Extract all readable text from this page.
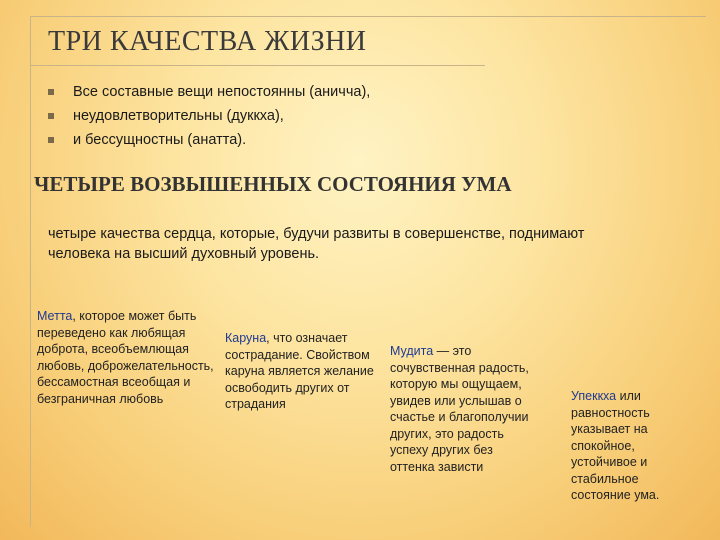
ТРИ КАЧЕСТВА ЖИЗНИ
Все составные вещи непостоянны (аничча),
неудовлетворительны (дуккха),
и бессущностны (анатта).
ЧЕТЫРЕ ВОЗВЫШЕННЫХ СОСТОЯНИЯ УМА
четыре качества сердца, которые, будучи развиты в совершенстве, поднимают человека на высший духовный уровень.
Метта, которое может быть переведено как любящая доброта, всеобъемлющая любовь, доброжелательность, бессамостная всеобщая и безграничная любовь
Каруна, что означает сострадание. Свойством каруна является желание освободить других от страдания
Мудита — это сочувственная радость, которую мы ощущаем, увидев или услышав о счастье и благополучии других, это радость успеху других без оттенка зависти
Упеккха или равностность указывает на спокойное, устойчивое и стабильное состояние ума.
